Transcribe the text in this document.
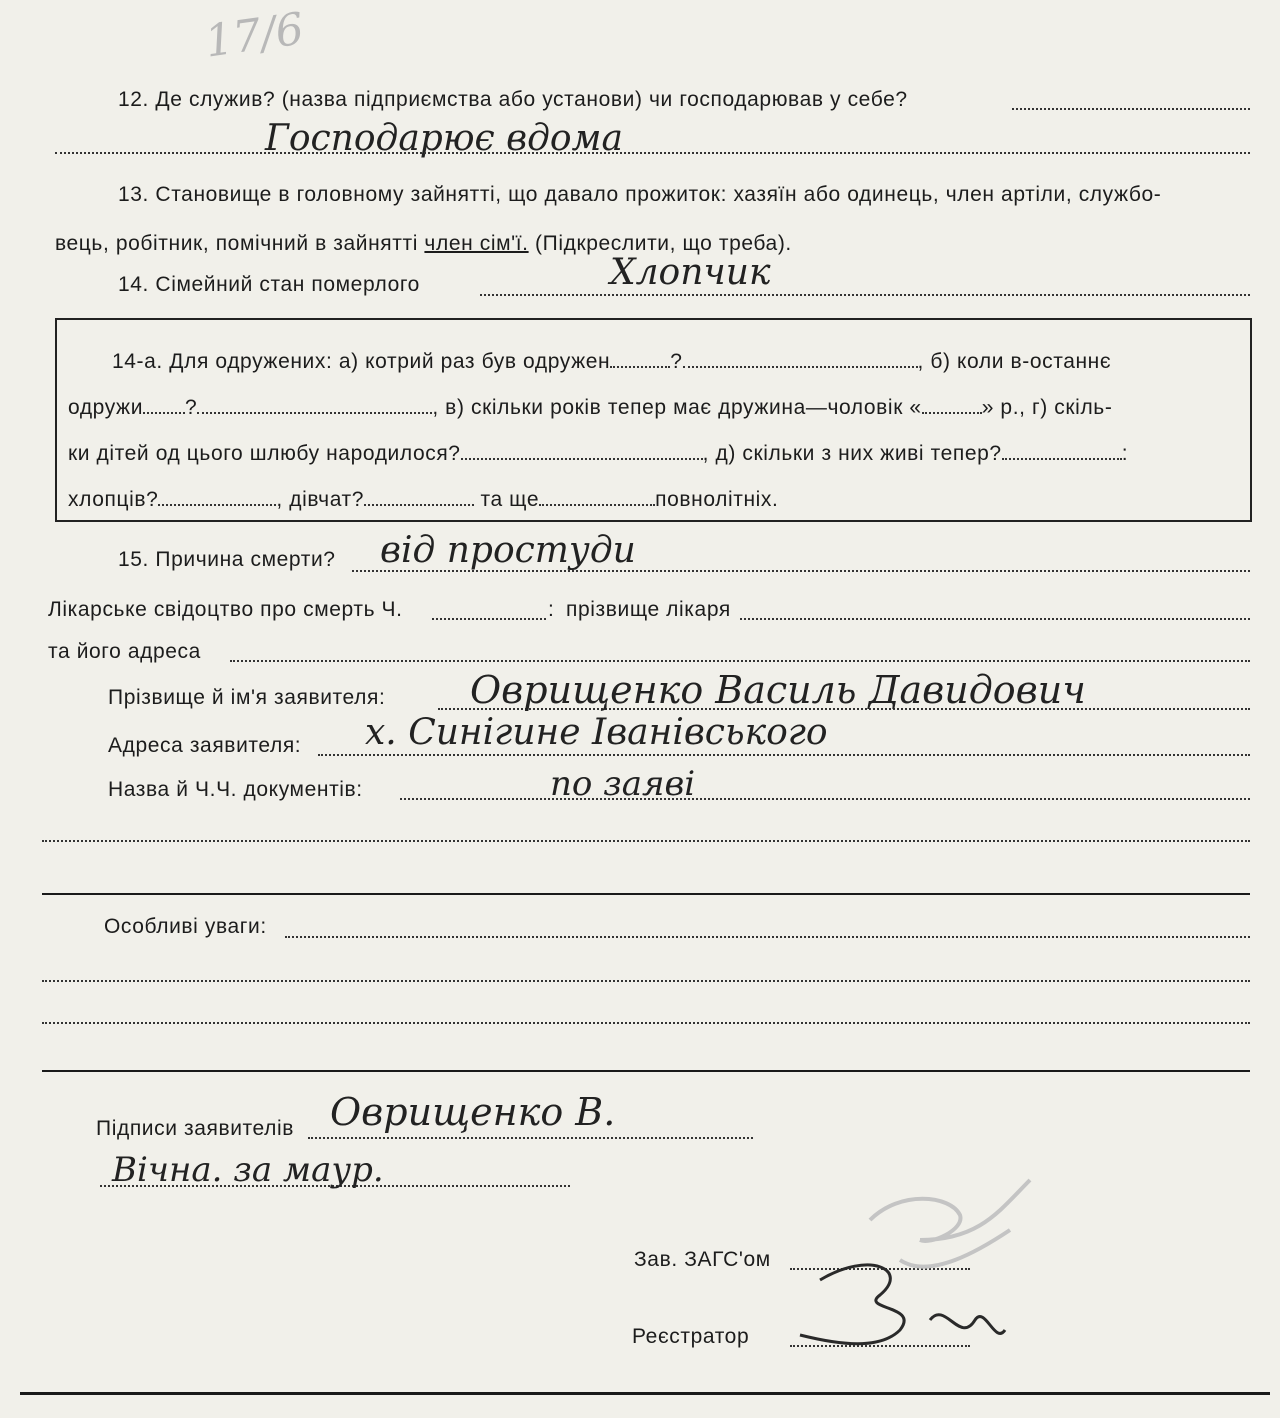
17/6
12. Де служив? (назва підприємства або установи) чи господарював у себе?
Господарює вдома
13. Становище в головному зайнятті, що давало прожиток: хазяїн або одинець, член артіли, службо-
вець, робітник, помічний в зайнятті член сім'ї. (Підкреслити, що треба).
14. Сімейний стан померлого	Хлопчик
14-а. Для одружених: а) котрий раз був одружен	?	, б) коли в-останнє
одружи ?	, в) скільки років тепер має дружина—чоловік «	» р., г) скіль-
ки дітей од цього шлюбу народилося?	, д) скільки з них живі тепер?	:
хлопців?	, дівчат?	та ще	повнолітніх.
15. Причина смерти? від простуди
Лікарське свідоцтво про смерть Ч.	: прізвище лікаря
та його адреса
Прізвище й ім'я заявителя: Оврищенко Василь Давидович
Адреса заявителя: х. Синігине Іванівського
Назва й Ч.Ч. документів:	по заяві
Особливі уваги:
Підписи заявителів Оврищенко В.
Вічна. за маур.
Зав. ЗАГС'ом
Реєстратор
